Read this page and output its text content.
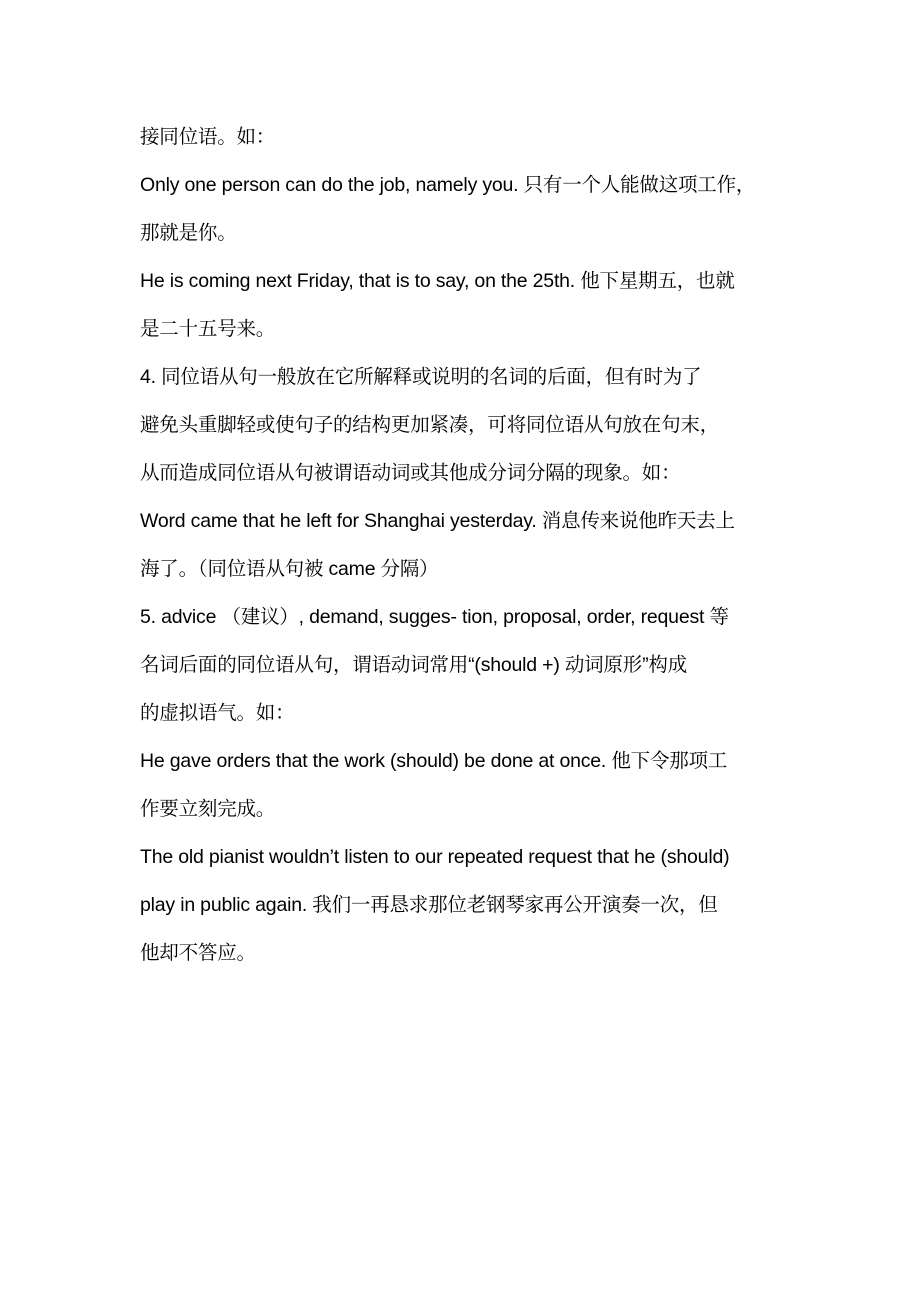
接同位语。如：
Only one person can do the job, namely you. 只有一个人能做这项工作，
那就是你。
He is coming next Friday, that is to say, on the 25th. 他下星期五，也就
是二十五号来。
4. 同位语从句一般放在它所解释或说明的名词的后面，但有时为了
避免头重脚轻或使句子的结构更加紧凑，可将同位语从句放在句末，
从而造成同位语从句被谓语动词或其他成分词分隔的现象。如：
Word came that he left for Shanghai yesterday. 消息传来说他昨天去上
海了。（同位语从句被 came 分隔）
5. advice （建议）, demand, sugges- tion, proposal, order, request 等
名词后面的同位语从句，谓语动词常用“(should +) 动词原形”构成
的虚拟语气。如：
He gave orders that the work (should) be done at once. 他下令那项工
作要立刻完成。
The old pianist wouldn’t listen to our repeated request that he (should)
play in public again. 我们一再恳求那位老钢琴家再公开演奏一次，但
他却不答应。
